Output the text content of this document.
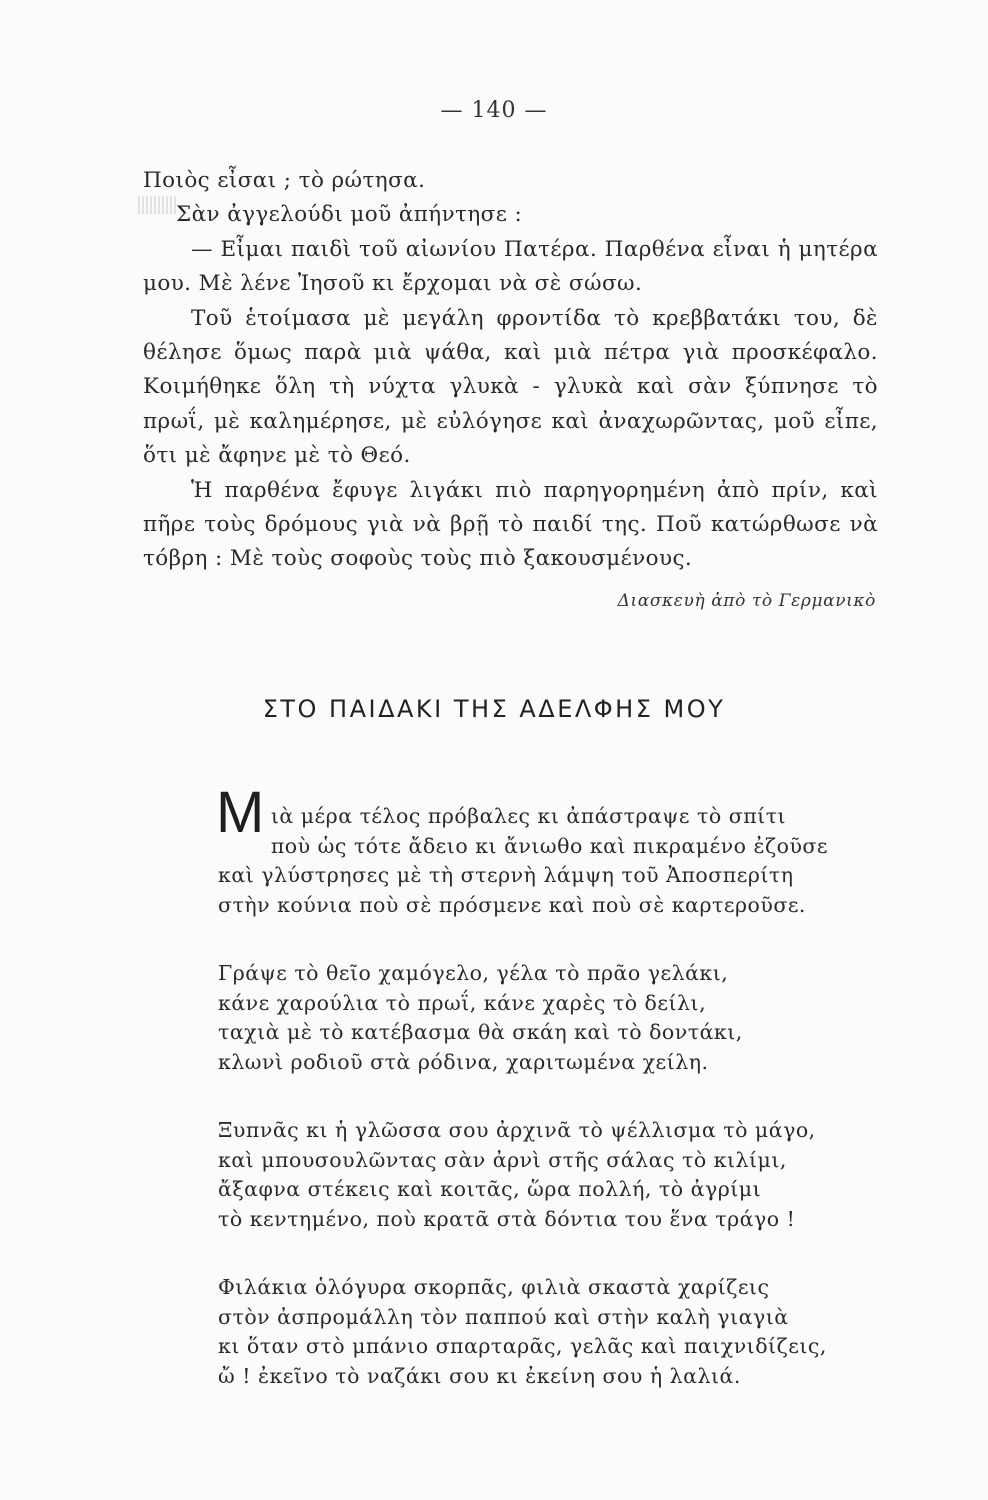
— 140 —

Ποιὸς εἶσαι ; τὸ ρώτησα.

Σὰν ἀγγελούδι μοῦ ἀπήντησε :

— Εἶμαι παιδὶ τοῦ αἰωνίου Πατέρα. Παρθένα εἶναι ἡ μητέρα μου. Μὲ λένε Ἰησοῦ κι ἔρχομαι νὰ σὲ σώσω.

Τοῦ ἑτοίμασα μὲ μεγάλη φροντίδα τὸ κρεββατάκι του, δὲ θέλησε ὅμως παρὰ μιὰ ψάθα, καὶ μιὰ πέτρα γιὰ προσκέφαλο. Κοιμήθηκε ὅλη τὴ νύχτα γλυκὰ - γλυκὰ καὶ σὰν ξύπνησε τὸ πρωΐ, μὲ καλημέρησε, μὲ εὐλόγησε καὶ ἀναχωρῶντας, μοῦ εἶπε, ὅτι μὲ ἄφηνε μὲ τὸ Θεό.

Ἡ παρθένα ἔφυγε λιγάκι πιὸ παρηγορημένη ἀπὸ πρίν, καὶ πῆρε τοὺς δρόμους γιὰ νὰ βρῇ τὸ παιδί της. Ποῦ κατώρθωσε νὰ τόβρη : Μὲ τοὺς σοφοὺς τοὺς πιὸ ξακουσμένους.

Διασκευὴ ἀπὸ τὸ Γερμανικὸ
ΣΤΟ ΠΑΙΔΑΚΙ ΤΗΣ ΑΔΕΛΦΗΣ ΜΟΥ
Μ ιὰ μέρα τέλος πρόβαλες κι ἀπάστραψε τὸ σπίτι
ποὺ ὡς τότε ἄδειο κι ἄνιωθο καὶ πικραμένο ἐζοῦσε
καὶ γλύστρησες μὲ τὴ στερνὴ λάμψη τοῦ Ἀποσπερίτη
στὴν κούνια ποὺ σὲ πρόσμενε καὶ ποὺ σὲ καρτεροῦσε.
Γράψε τὸ θεῖο χαμόγελο, γέλα τὸ πρᾶο γελάκι,
κάνε χαρούλια τὸ πρωΐ, κάνε χαρὲς τὸ δείλι,
ταχιὰ μὲ τὸ κατέβασμα θὰ σκάη καὶ τὸ δοντάκι,
κλωνὶ ροδιοῦ στὰ ρόδινα, χαριτωμένα χείλη.
Ξυπνᾶς κι ἡ γλῶσσα σου ἀρχινᾶ τὸ ψέλλισμα τὸ μάγο,
καὶ μπουσουλῶντας σὰν ἀρνὶ στῆς σάλας τὸ κιλίμι,
ἄξαφνα στέκεις καὶ κοιτᾶς, ὥρα πολλή, τὸ ἀγρίμι
τὸ κεντημένο, ποὺ κρατᾶ στὰ δόντια του ἕνα τράγο !
Φιλάκια ὁλόγυρα σκορπᾶς, φιλιὰ σκαστὰ χαρίζεις
στὸν ἀσπρομάλλη τὸν παππού καὶ στὴν καλὴ γιαγιὰ
κι ὅταν στὸ μπάνιο σπαρταρᾶς, γελᾶς καὶ παιχνιδίζεις,
ὤ ! ἐκεῖνο τὸ ναζάκι σου κι ἐκείνη σου ἡ λαλιά.
